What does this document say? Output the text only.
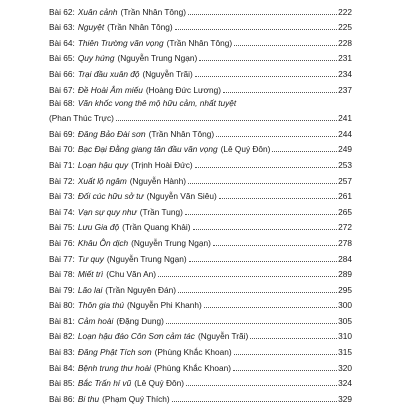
Bài 62: Xuân cảnh (Trần Nhân Tông)	222
Bài 63: Nguyệt (Trần Nhân Tông)	225
Bài 64: Thiên Trường vãn vọng (Trần Nhân Tông)	228
Bài 65: Quy hứng (Nguyễn Trung Ngạn)	231
Bài 66: Trại đầu xuân độ (Nguyễn Trãi)	234
Bài 67: Đề Hoài Âm miếu (Hoàng Đức Lương)	237
Bài 68: Vãn khốc vong thê mộ hữu cảm, nhất tuyệt
(Phan Thúc Trực)	241
Bài 69: Đăng Bảo Đài sơn (Trần Nhân Tông)	244
Bài 70: Bạc Đại Đằng giang tân đầu vãn vọng (Lê Quý Đôn)	249
Bài 71: Loạn hậu quy (Trịnh Hoài Đức)	253
Bài 72: Xuất lộ ngâm (Nguyễn Hành)	257
Bài 73: Đối cúc hữu sở tư (Nguyễn Văn Siêu)	261
Bài 74: Vạn sự quy như (Trần Tung)	265
Bài 75: Lưu Gia độ (Trần Quang Khải)	272
Bài 76: Khâu Ôn dịch (Nguyễn Trung Ngạn)	278
Bài 77: Tư quy (Nguyễn Trung Ngạn)	284
Bài 78: Miết trì (Chu Văn An)	289
Bài 79: Lão lai (Trần Nguyên Đán)	295
Bài 80: Thôn gia thú (Nguyễn Phi Khanh)	300
Bài 81: Cảm hoài (Đặng Dung)	305
Bài 82: Loạn hậu đáo Côn Sơn cảm tác (Nguyễn Trãi)	310
Bài 83: Đăng Phật Tích sơn (Phùng Khắc Khoan)	315
Bài 84: Bệnh trung thư hoài (Phùng Khắc Khoan)	320
Bài 85: Bắc Trấn hí vũ (Lê Quý Đôn)	324
Bài 86: Bi thu (Phạm Quý Thích)	329
